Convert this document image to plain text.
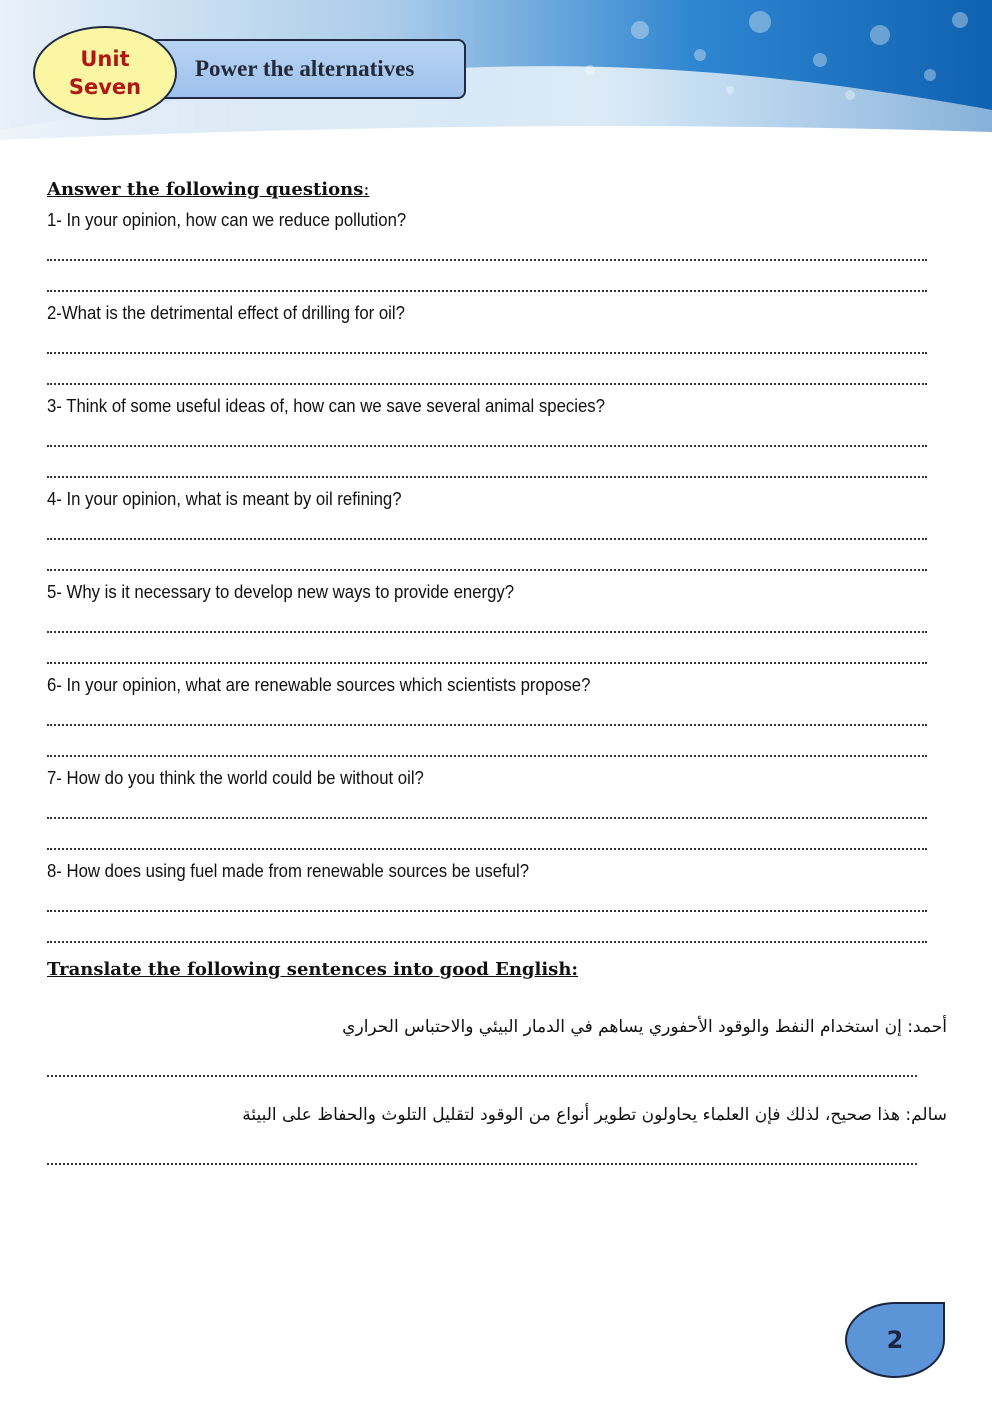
Power the alternatives
Unit
Seven
Answer the following questions:
1- In your opinion, how can we reduce pollution?
2-What is the detrimental effect of drilling for oil?
3- Think of some useful ideas of, how can we save several animal species?
4- In your opinion, what is meant by oil refining?
5- Why is it necessary to develop new ways to provide energy?
6- In your opinion, what are renewable sources which scientists propose?
7- How do you think the world could be without oil?
8- How does using fuel made from renewable sources be useful?
Translate the following sentences into good English:
أحمد: إن استخدام النفط والوقود الأحفوري يساهم في الدمار البيئي والاحتباس الحراري
سالم: هذا صحيح، لذلك فإن العلماء يحاولون تطوير أنواع من الوقود لتقليل التلوث والحفاظ على البيئة
2
